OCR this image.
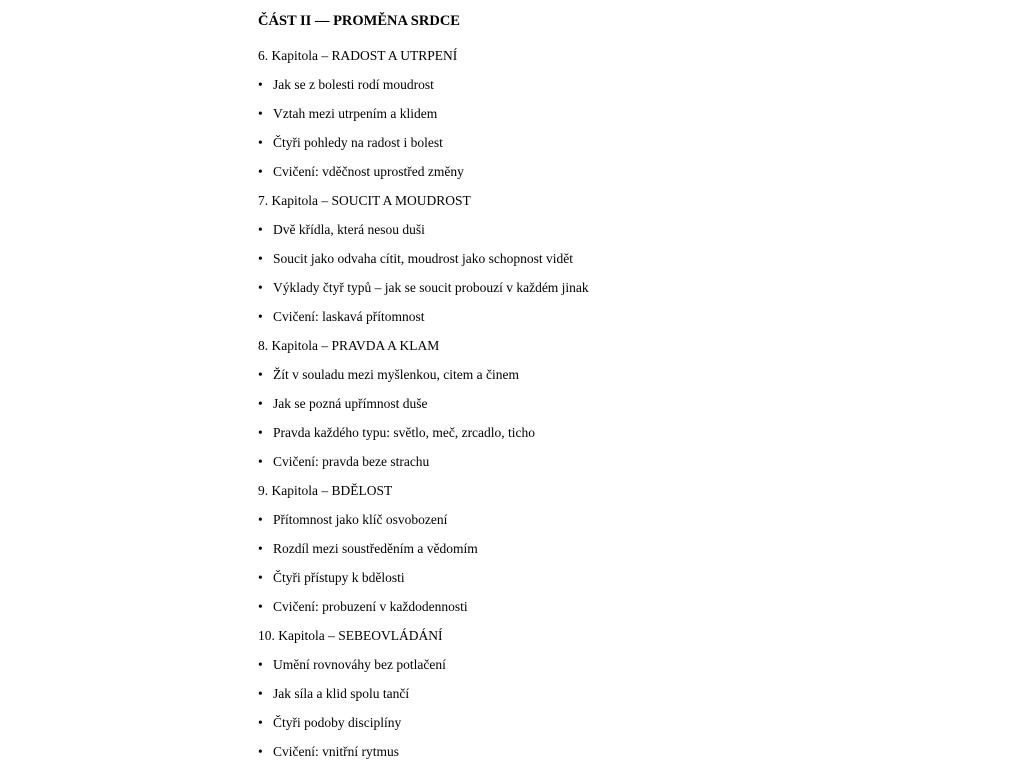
ČÁST II — PROMĚNA SRDCE
6. Kapitola – RADOST A UTRPENÍ
• Jak se z bolesti rodí moudrost
• Vztah mezi utrpením a klidem
• Čtyři pohledy na radost i bolest
• Cvičení: vděčnost uprostřed změny
7. Kapitola – SOUCIT A MOUDROST
• Dvě křídla, která nesou duši
• Soucit jako odvaha cítit, moudrost jako schopnost vidět
• Výklady čtyř typů – jak se soucit probouzí v každém jinak
• Cvičení: laskavá přítomnost
8. Kapitola – PRAVDA A KLAM
• Žít v souladu mezi myšlenkou, citem a činem
• Jak se pozná upřímnost duše
• Pravda každého typu: světlo, meč, zrcadlo, ticho
• Cvičení: pravda beze strachu
9. Kapitola – BDĚLOST
• Přítomnost jako klíč osvobození
• Rozdíl mezi soustředěním a vědomím
• Čtyři přístupy k bdělosti
• Cvičení: probuzení v každodennosti
10. Kapitola – SEBEOVLÁDÁNÍ
• Umění rovnováhy bez potlačení
• Jak síla a klid spolu tančí
• Čtyři podoby disciplíny
• Cvičení: vnitřní rytmus
